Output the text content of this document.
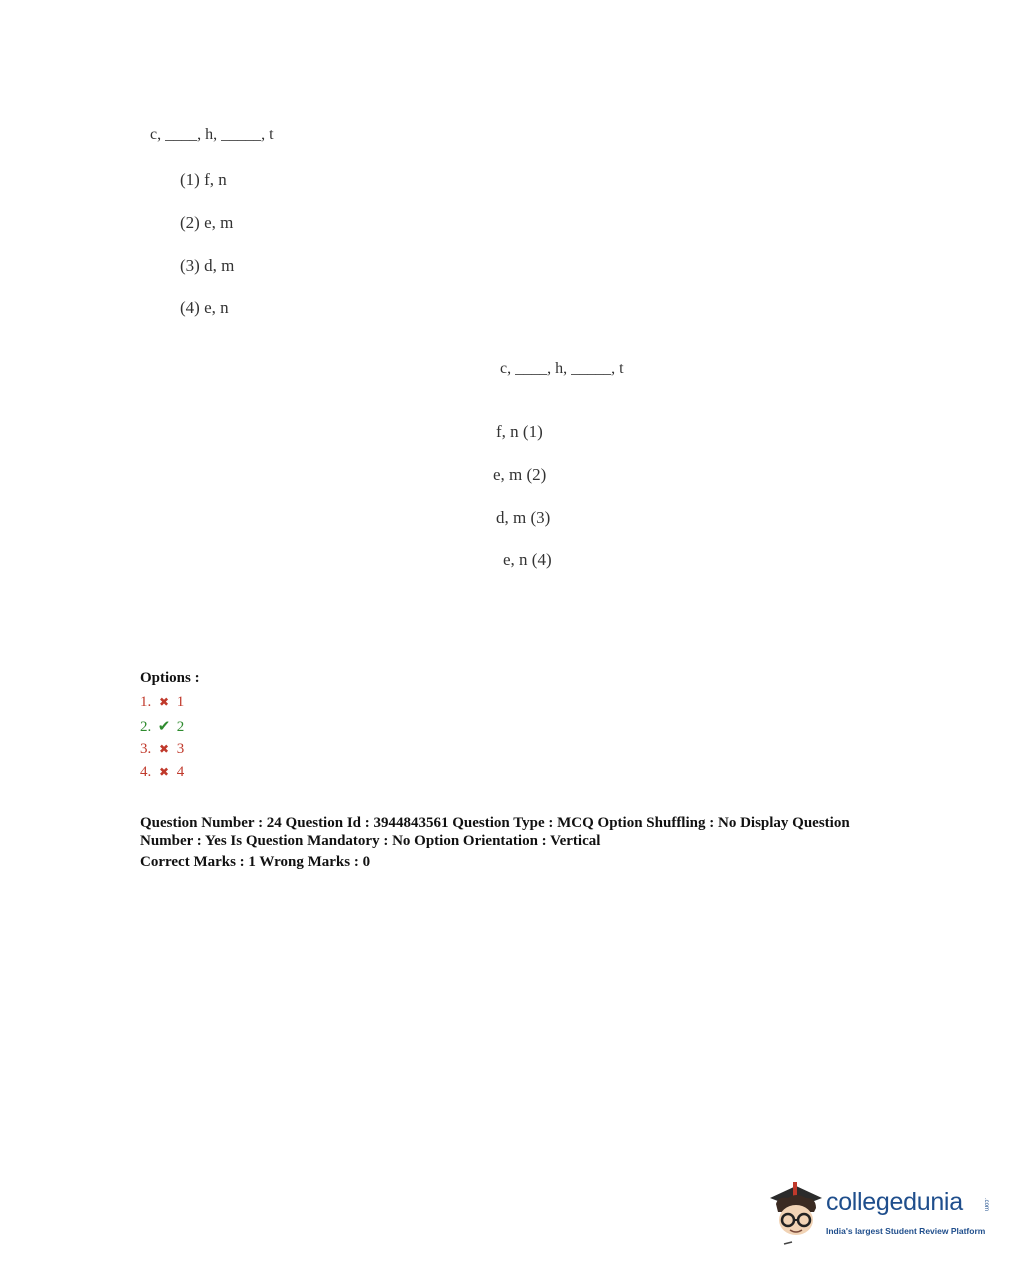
c, ____, h, _____, t
(1) f, n
(2) e, m
(3) d, m
(4) e, n
c, ____, h, _____, t
f, n (1)
e, m (2)
d, m (3)
e, n (4)
Options :
1. ✖ 1
2. ✔ 2
3. ✖ 3
4. ✖ 4
Question Number : 24 Question Id : 3944843561 Question Type : MCQ Option Shuffling : No Display Question Number : Yes Is Question Mandatory : No Option Orientation : Vertical
Correct Marks : 1 Wrong Marks : 0
collegedunia	.com
India's largest Student Review Platform
